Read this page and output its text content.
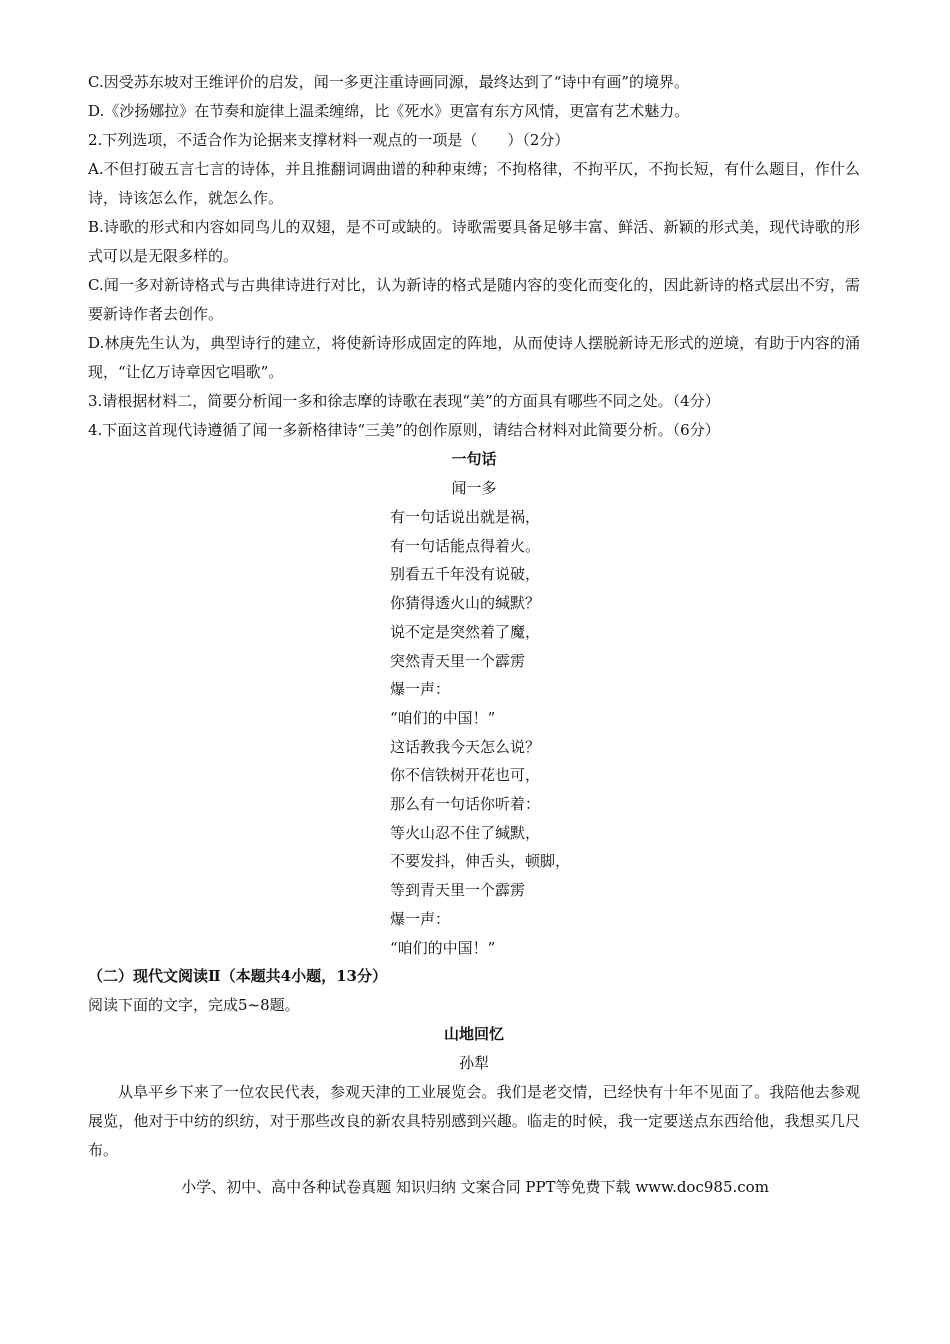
C.因受苏东坡对王维评价的启发，闻一多更注重诗画同源，最终达到了“诗中有画”的境界。

D.《沙扬娜拉》在节奏和旋律上温柔缠绵，比《死水》更富有东方风情，更富有艺术魅力。

2.下列选项，不适合作为论据来支撑材料一观点的一项是（　　）（2分）

A.不但打破五言七言的诗体，并且推翻词调曲谱的种种束缚；不拘格律，不拘平仄，不拘长短，有什么题目，作什么诗，诗该怎么作，就怎么作。

B.诗歌的形式和内容如同鸟儿的双翅，是不可或缺的。诗歌需要具备足够丰富、鲜活、新颖的形式美，现代诗歌的形式可以是无限多样的。

C.闻一多对新诗格式与古典律诗进行对比，认为新诗的格式是随内容的变化而变化的，因此新诗的格式层出不穷，需要新诗作者去创作。

D.林庚先生认为，典型诗行的建立，将使新诗形成固定的阵地，从而使诗人摆脱新诗无形式的逆境，有助于内容的涌现，“让亿万诗章因它唱歌”。

3.请根据材料二，简要分析闻一多和徐志摩的诗歌在表现“美”的方面具有哪些不同之处。（4分）

4.下面这首现代诗遵循了闻一多新格律诗“三美”的创作原则，请结合材料对此简要分析。（6分）

一句话

闻一多

有一句话说出就是祸，

有一句话能点得着火。

别看五千年没有说破，

你猜得透火山的缄默？

说不定是突然着了魔，

突然青天里一个霹雳

爆一声：

“咱们的中国！”

这话教我今天怎么说？

你不信铁树开花也可，

那么有一句话你听着：

等火山忍不住了缄默，

不要发抖，伸舌头，顿脚，

等到青天里一个霹雳

爆一声：

“咱们的中国！”

（二）现代文阅读Ⅱ（本题共4小题，13分）

阅读下面的文字，完成5~8题。

山地回忆

孙犁

从阜平乡下来了一位农民代表，参观天津的工业展览会。我们是老交情，已经快有十年不见面了。我陪他去参观展览，他对于中纺的织纺，对于那些改良的新农具特别感到兴趣。临走的时候，我一定要送点东西给他，我想买几尺布。

小学、初中、高中各种试卷真题 知识归纳 文案合同 PPT等免费下载 www.doc985.com
